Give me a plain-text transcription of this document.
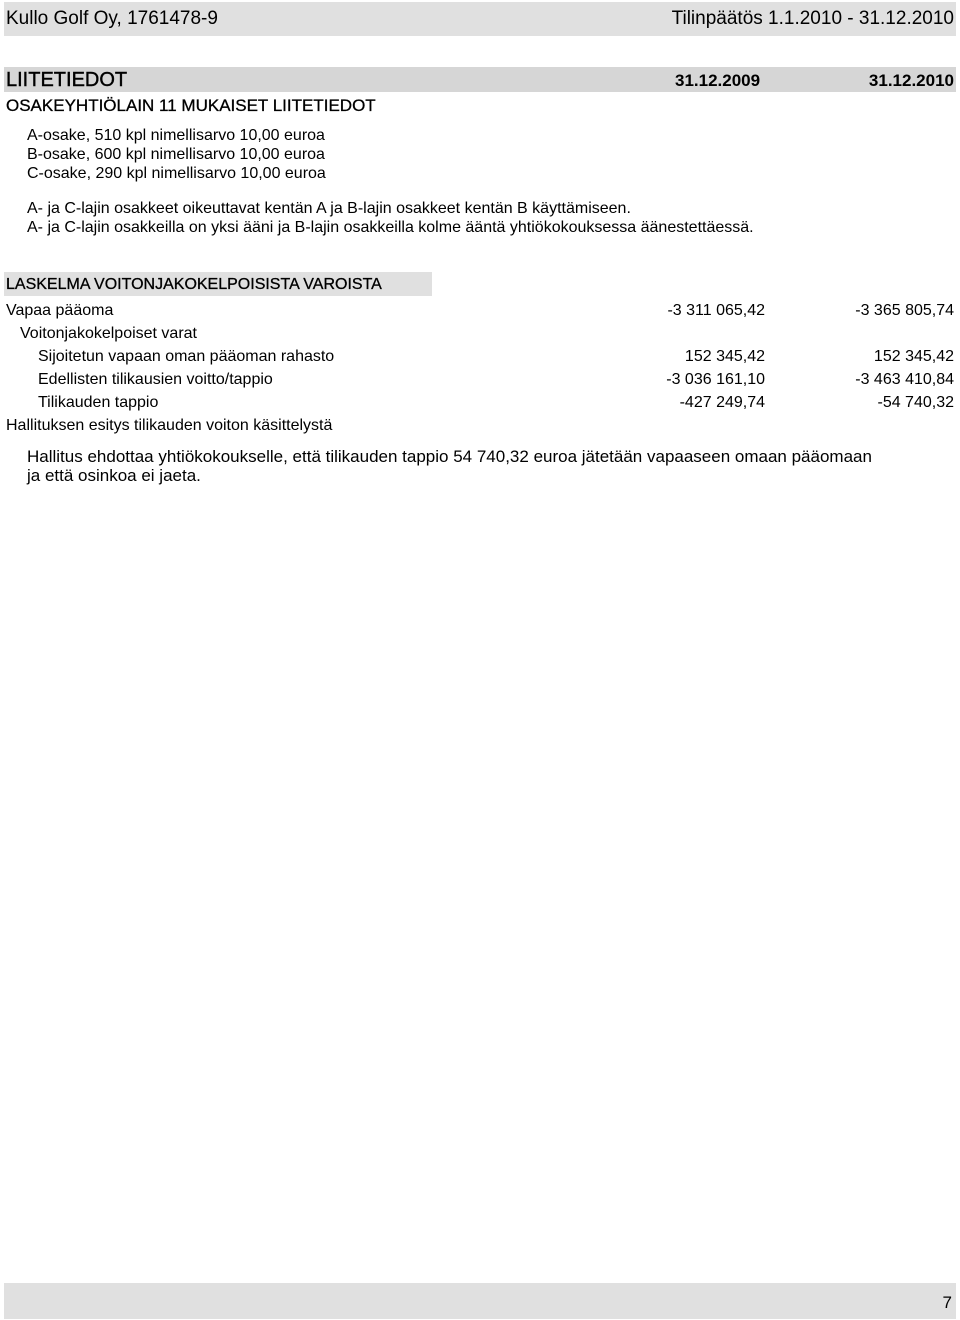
Kullo Golf Oy, 1761478-9	Tilinpäätös 1.1.2010 - 31.12.2010
LIITETIEDOT	31.12.2009	31.12.2010
OSAKEYHTIÖLAIN 11 MUKAISET LIITETIEDOT
A-osake, 510 kpl nimellisarvo 10,00 euroa
B-osake, 600 kpl nimellisarvo 10,00 euroa
C-osake, 290 kpl nimellisarvo 10,00 euroa
A- ja C-lajin osakkeet oikeuttavat kentän A ja B-lajin osakkeet kentän B käyttämiseen.
A- ja C-lajin osakkeilla on yksi ääni ja B-lajin osakkeilla kolme ääntä yhtiökokouksessa äänestettäessä.
LASKELMA VOITONJAKOKELPOISISTA VAROISTA
Vapaa pääoma	-3 311 065,42	-3 365 805,74
Voitonjakokelpoiset varat
Sijoitetun vapaan oman pääoman rahasto	152 345,42	152 345,42
Edellisten tilikausien voitto/tappio	-3 036 161,10	-3 463 410,84
Tilikauden tappio	-427 249,74	-54 740,32
Hallituksen esitys tilikauden voiton käsittelystä
Hallitus ehdottaa yhtiökokoukselle, että tilikauden tappio 54 740,32 euroa jätetään vapaaseen omaan pääomaan
ja että osinkoa ei jaeta.
7
